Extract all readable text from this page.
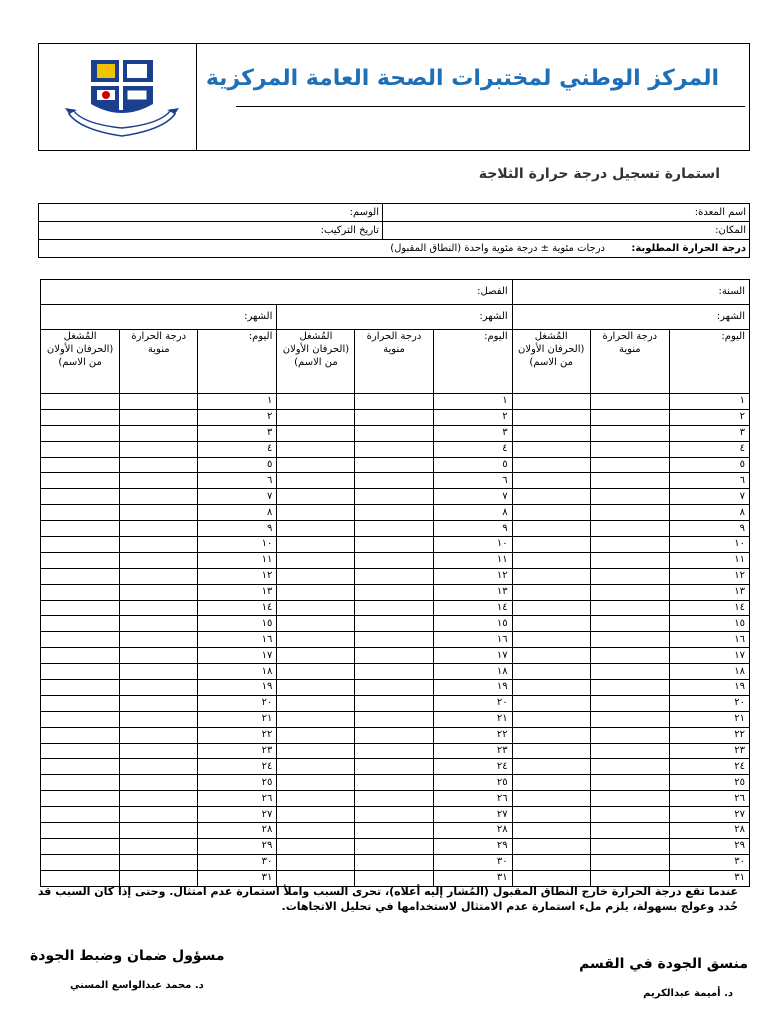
المركز الوطني لمختبرات الصحة العامة المركزية
استمارة تسجيل درجة حرارة الثلاجة
اسم المعدة:	الوسم:
المكان:	تاريخ التركيب:
درجة الحرارة المطلوبة:  درجات مئوية ± درجة مئوية واحدة (النطاق المقبول)	
السنة:			الفصل:					
الشهر:			الشهر:			الشهر:		
اليوم:	درجة الحرارة منوية	المُشغل (الحرفان الأولان من الاسم)	اليوم:	درجة الحرارة منوية	المُشغل (الحرفان الأولان من الاسم)	اليوم:	درجة الحرارة منوية	المُشغل (الحرفان الأولان من الاسم)
١			١			١		
٢			٢			٢		
٣			٣			٣		
٤			٤			٤		
٥			٥			٥		
٦			٦			٦		
٧			٧			٧		
٨			٨			٨		
٩			٩			٩		
١٠			١٠			١٠		
١١			١١			١١		
١٢			١٢			١٢		
١٣			١٣			١٣		
١٤			١٤			١٤		
١٥			١٥			١٥		
١٦			١٦			١٦		
١٧			١٧			١٧		
١٨			١٨			١٨		
١٩			١٩			١٩		
٢٠			٢٠			٢٠		
٢١			٢١			٢١		
٢٢			٢٢			٢٢		
٢٣			٢٣			٢٣		
٢٤			٢٤			٢٤		
٢٥			٢٥			٢٥		
٢٦			٢٦			٢٦		
٢٧			٢٧			٢٧		
٢٨			٢٨			٢٨		
٢٩			٢٩			٢٩		
٣٠			٣٠			٣٠		
٣١			٣١			٣١		
عندما تقع درجة الحرارة خارج النطاق المقبول (المُشار إليه أعلاه)، تحرى السبب واملأ استمارة عدم امتثال. وحتى إذا كان السبب قد حُدد وعولج بسهولة، يلزم ملء استمارة عدم الامتثال لاستخدامها في تحليل الاتجاهات.
مسؤول ضمان وضبط الجودة
د. محمد عبدالواسع المسني
منسق الجودة في القسم
د. أميمة عبدالكريم
